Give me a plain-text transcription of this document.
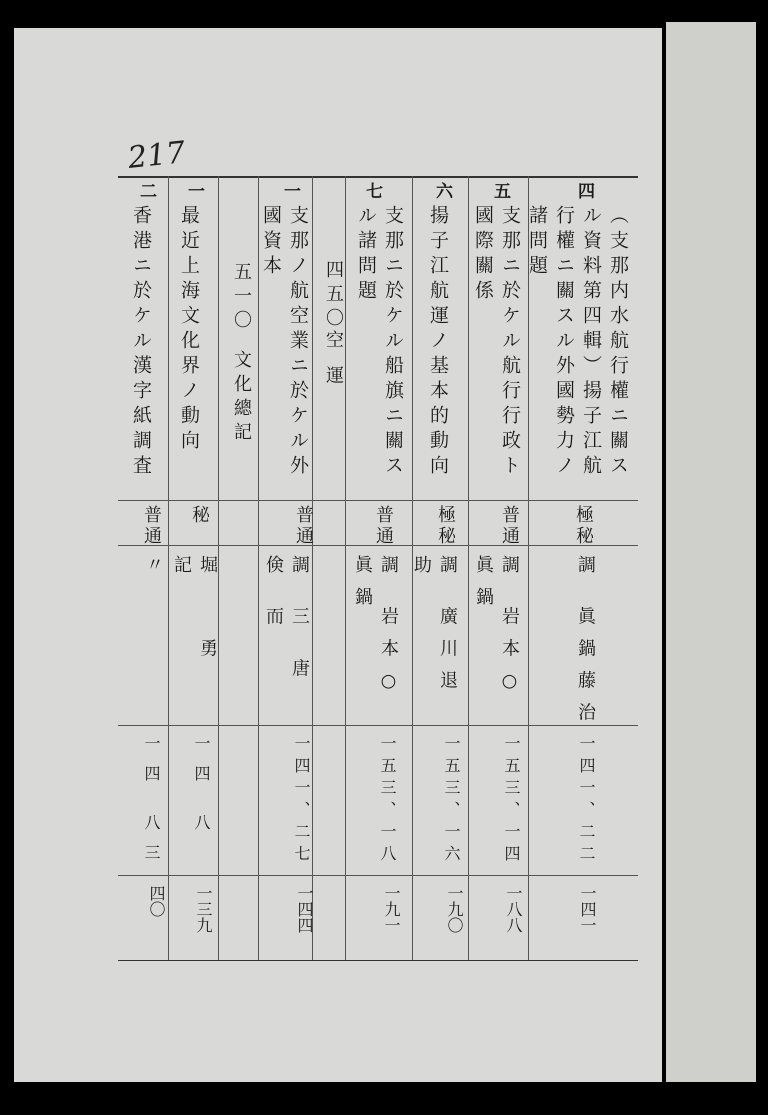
217
四
（支那内水航行權ニ關スル資料第四輯）揚子江航行權ニ關スル外國勢力ノ諸問題
極秘
調 眞鍋藤治
一四一、二二
一四一
五
支那ニ於ケル航行行政ト國際關係
普通
調 岩本○眞鍋
一五三、一四
一八八
六
揚子江航運ノ基本的動向
極秘
調 廣川退助
一五三、一六
一九〇
七
支那ニ於ケル船旗ニ關スル諸問題
普通
調 岩本○眞鍋
一五三、一八
一九一
四五〇
空 運
一
支那ノ航空業ニ於ケル外國資本
普通
調 三 唐 倹 而
一四一、二七
一四四
五一〇
文化總記
一
最近上海文化界ノ動向
秘
堀 勇記
一四 八
一三九
二
香港ニ於ケル漢字紙調査
普通
〃
一四 八三
四〇
